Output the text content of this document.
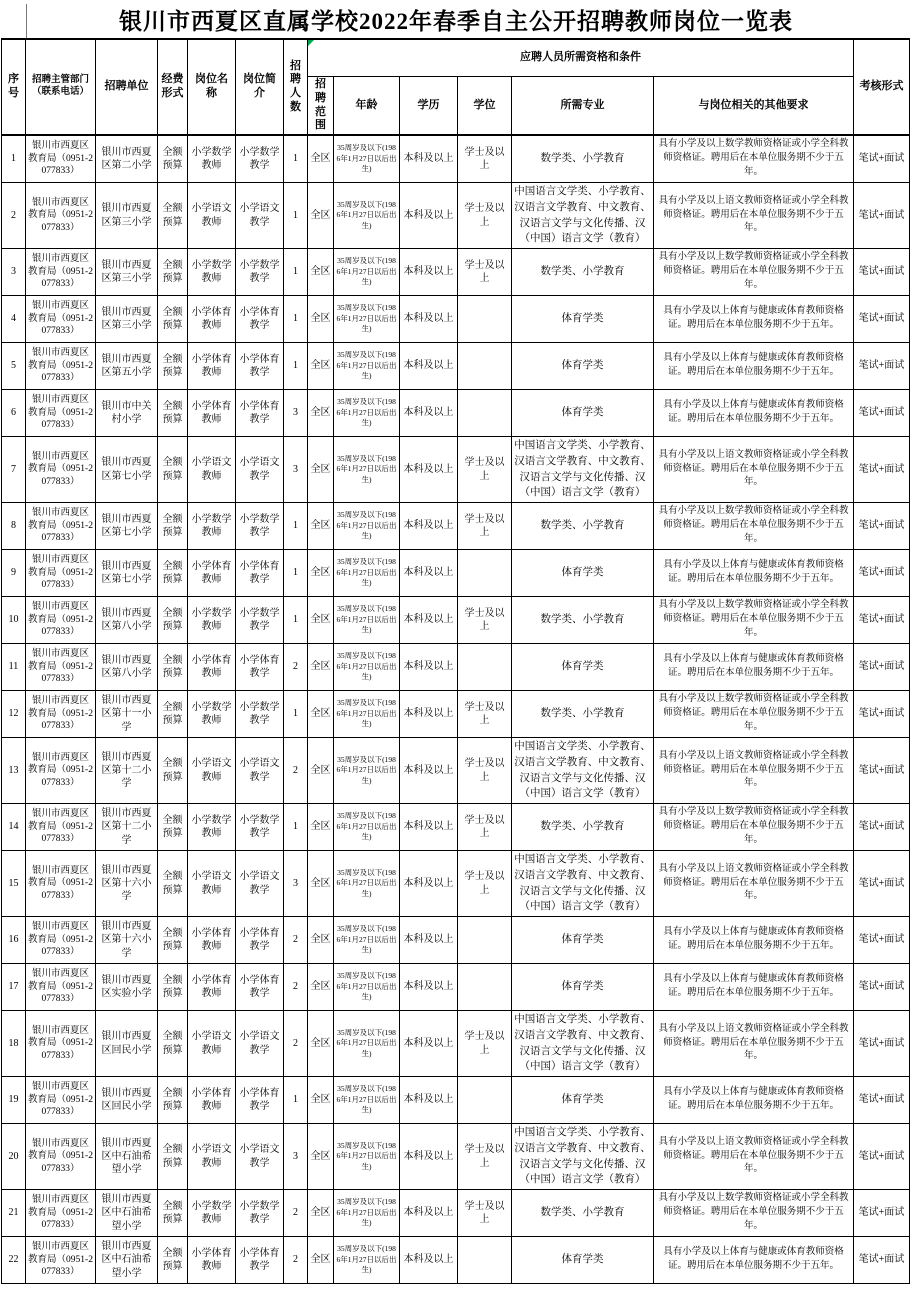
银川市西夏区直属学校2022年春季自主公开招聘教师岗位一览表
序号	招聘主管部门（联系电话）	招聘单位	经费形式	岗位名称	岗位简介	招聘人数	应聘人员所需资格和条件						考核形式
							招聘范围	年龄	学历	学位	所需专业	与岗位相关的其他要求	
1	银川市西夏区教育局（0951-2077833）	银川市西夏区第二小学	全额预算	小学数学教师	小学数学教学	1	全区	35周岁及以下(1986年1月27日以后出生)	本科及以上	学士及以上	数学类、小学教育	具有小学及以上数学教师资格证或小学全科教师资格证。聘用后在本单位服务期不少于五年。	笔试+面试
2	银川市西夏区教育局（0951-2077833）	银川市西夏区第三小学	全额预算	小学语文教师	小学语文教学	1	全区	35周岁及以下(1986年1月27日以后出生)	本科及以上	学士及以上	中国语言文学类、小学教育、汉语言文学教育、中文教育、汉语言文学与文化传播、汉（中国）语言文学（教育）	具有小学及以上语文教师资格证或小学全科教师资格证。聘用后在本单位服务期不少于五年。	笔试+面试
3	银川市西夏区教育局（0951-2077833）	银川市西夏区第三小学	全额预算	小学数学教师	小学数学教学	1	全区	35周岁及以下(1986年1月27日以后出生)	本科及以上	学士及以上	数学类、小学教育	具有小学及以上数学教师资格证或小学全科教师资格证。聘用后在本单位服务期不少于五年。	笔试+面试
4	银川市西夏区教育局（0951-2077833）	银川市西夏区第三小学	全额预算	小学体育教师	小学体育教学	1	全区	35周岁及以下(1986年1月27日以后出生)	本科及以上		体育学类	具有小学及以上体育与健康或体育教师资格证。聘用后在本单位服务期不少于五年。	笔试+面试
5	银川市西夏区教育局（0951-2077833）	银川市西夏区第五小学	全额预算	小学体育教师	小学体育教学	1	全区	35周岁及以下(1986年1月27日以后出生)	本科及以上		体育学类	具有小学及以上体育与健康或体育教师资格证。聘用后在本单位服务期不少于五年。	笔试+面试
6	银川市西夏区教育局（0951-2077833）	银川市中关村小学	全额预算	小学体育教师	小学体育教学	3	全区	35周岁及以下(1986年1月27日以后出生)	本科及以上		体育学类	具有小学及以上体育与健康或体育教师资格证。聘用后在本单位服务期不少于五年。	笔试+面试
7	银川市西夏区教育局（0951-2077833）	银川市西夏区第七小学	全额预算	小学语文教师	小学语文教学	3	全区	35周岁及以下(1986年1月27日以后出生)	本科及以上	学士及以上	中国语言文学类、小学教育、汉语言文学教育、中文教育、汉语言文学与文化传播、汉（中国）语言文学（教育）	具有小学及以上语文教师资格证或小学全科教师资格证。聘用后在本单位服务期不少于五年。	笔试+面试
8	银川市西夏区教育局（0951-2077833）	银川市西夏区第七小学	全额预算	小学数学教师	小学数学教学	1	全区	35周岁及以下(1986年1月27日以后出生)	本科及以上	学士及以上	数学类、小学教育	具有小学及以上数学教师资格证或小学全科教师资格证。聘用后在本单位服务期不少于五年。	笔试+面试
9	银川市西夏区教育局（0951-2077833）	银川市西夏区第七小学	全额预算	小学体育教师	小学体育教学	1	全区	35周岁及以下(1986年1月27日以后出生)	本科及以上		体育学类	具有小学及以上体育与健康或体育教师资格证。聘用后在本单位服务期不少于五年。	笔试+面试
10	银川市西夏区教育局（0951-2077833）	银川市西夏区第八小学	全额预算	小学数学教师	小学数学教学	1	全区	35周岁及以下(1986年1月27日以后出生)	本科及以上	学士及以上	数学类、小学教育	具有小学及以上数学教师资格证或小学全科教师资格证。聘用后在本单位服务期不少于五年。	笔试+面试
11	银川市西夏区教育局（0951-2077833）	银川市西夏区第八小学	全额预算	小学体育教师	小学体育教学	2	全区	35周岁及以下(1986年1月27日以后出生)	本科及以上		体育学类	具有小学及以上体育与健康或体育教师资格证。聘用后在本单位服务期不少于五年。	笔试+面试
12	银川市西夏区教育局（0951-2077833）	银川市西夏区第十一小学	全额预算	小学数学教师	小学数学教学	1	全区	35周岁及以下(1986年1月27日以后出生)	本科及以上	学士及以上	数学类、小学教育	具有小学及以上数学教师资格证或小学全科教师资格证。聘用后在本单位服务期不少于五年。	笔试+面试
13	银川市西夏区教育局（0951-2077833）	银川市西夏区第十二小学	全额预算	小学语文教师	小学语文教学	2	全区	35周岁及以下(1986年1月27日以后出生)	本科及以上	学士及以上	中国语言文学类、小学教育、汉语言文学教育、中文教育、汉语言文学与文化传播、汉（中国）语言文学（教育）	具有小学及以上语文教师资格证或小学全科教师资格证。聘用后在本单位服务期不少于五年。	笔试+面试
14	银川市西夏区教育局（0951-2077833）	银川市西夏区第十二小学	全额预算	小学数学教师	小学数学教学	1	全区	35周岁及以下(1986年1月27日以后出生)	本科及以上	学士及以上	数学类、小学教育	具有小学及以上数学教师资格证或小学全科教师资格证。聘用后在本单位服务期不少于五年。	笔试+面试
15	银川市西夏区教育局（0951-2077833）	银川市西夏区第十六小学	全额预算	小学语文教师	小学语文教学	3	全区	35周岁及以下(1986年1月27日以后出生)	本科及以上	学士及以上	中国语言文学类、小学教育、汉语言文学教育、中文教育、汉语言文学与文化传播、汉（中国）语言文学（教育）	具有小学及以上语文教师资格证或小学全科教师资格证。聘用后在本单位服务期不少于五年。	笔试+面试
16	银川市西夏区教育局（0951-2077833）	银川市西夏区第十六小学	全额预算	小学体育教师	小学体育教学	2	全区	35周岁及以下(1986年1月27日以后出生)	本科及以上		体育学类	具有小学及以上体育与健康或体育教师资格证。聘用后在本单位服务期不少于五年。	笔试+面试
17	银川市西夏区教育局（0951-2077833）	银川市西夏区实验小学	全额预算	小学体育教师	小学体育教学	2	全区	35周岁及以下(1986年1月27日以后出生)	本科及以上		体育学类	具有小学及以上体育与健康或体育教师资格证。聘用后在本单位服务期不少于五年。	笔试+面试
18	银川市西夏区教育局（0951-2077833）	银川市西夏区回民小学	全额预算	小学语文教师	小学语文教学	2	全区	35周岁及以下(1986年1月27日以后出生)	本科及以上	学士及以上	中国语言文学类、小学教育、汉语言文学教育、中文教育、汉语言文学与文化传播、汉（中国）语言文学（教育）	具有小学及以上语文教师资格证或小学全科教师资格证。聘用后在本单位服务期不少于五年。	笔试+面试
19	银川市西夏区教育局（0951-2077833）	银川市西夏区回民小学	全额预算	小学体育教师	小学体育教学	1	全区	35周岁及以下(1986年1月27日以后出生)	本科及以上		体育学类	具有小学及以上体育与健康或体育教师资格证。聘用后在本单位服务期不少于五年。	笔试+面试
20	银川市西夏区教育局（0951-2077833）	银川市西夏区中石油希望小学	全额预算	小学语文教师	小学语文教学	3	全区	35周岁及以下(1986年1月27日以后出生)	本科及以上	学士及以上	中国语言文学类、小学教育、汉语言文学教育、中文教育、汉语言文学与文化传播、汉（中国）语言文学（教育）	具有小学及以上语文教师资格证或小学全科教师资格证。聘用后在本单位服务期不少于五年。	笔试+面试
21	银川市西夏区教育局（0951-2077833）	银川市西夏区中石油希望小学	全额预算	小学数学教师	小学数学教学	2	全区	35周岁及以下(1986年1月27日以后出生)	本科及以上	学士及以上	数学类、小学教育	具有小学及以上数学教师资格证或小学全科教师资格证。聘用后在本单位服务期不少于五年。	笔试+面试
22	银川市西夏区教育局（0951-2077833）	银川市西夏区中石油希望小学	全额预算	小学体育教师	小学体育教学	2	全区	35周岁及以下(1986年1月27日以后出生)	本科及以上		体育学类	具有小学及以上体育与健康或体育教师资格证。聘用后在本单位服务期不少于五年。	笔试+面试
